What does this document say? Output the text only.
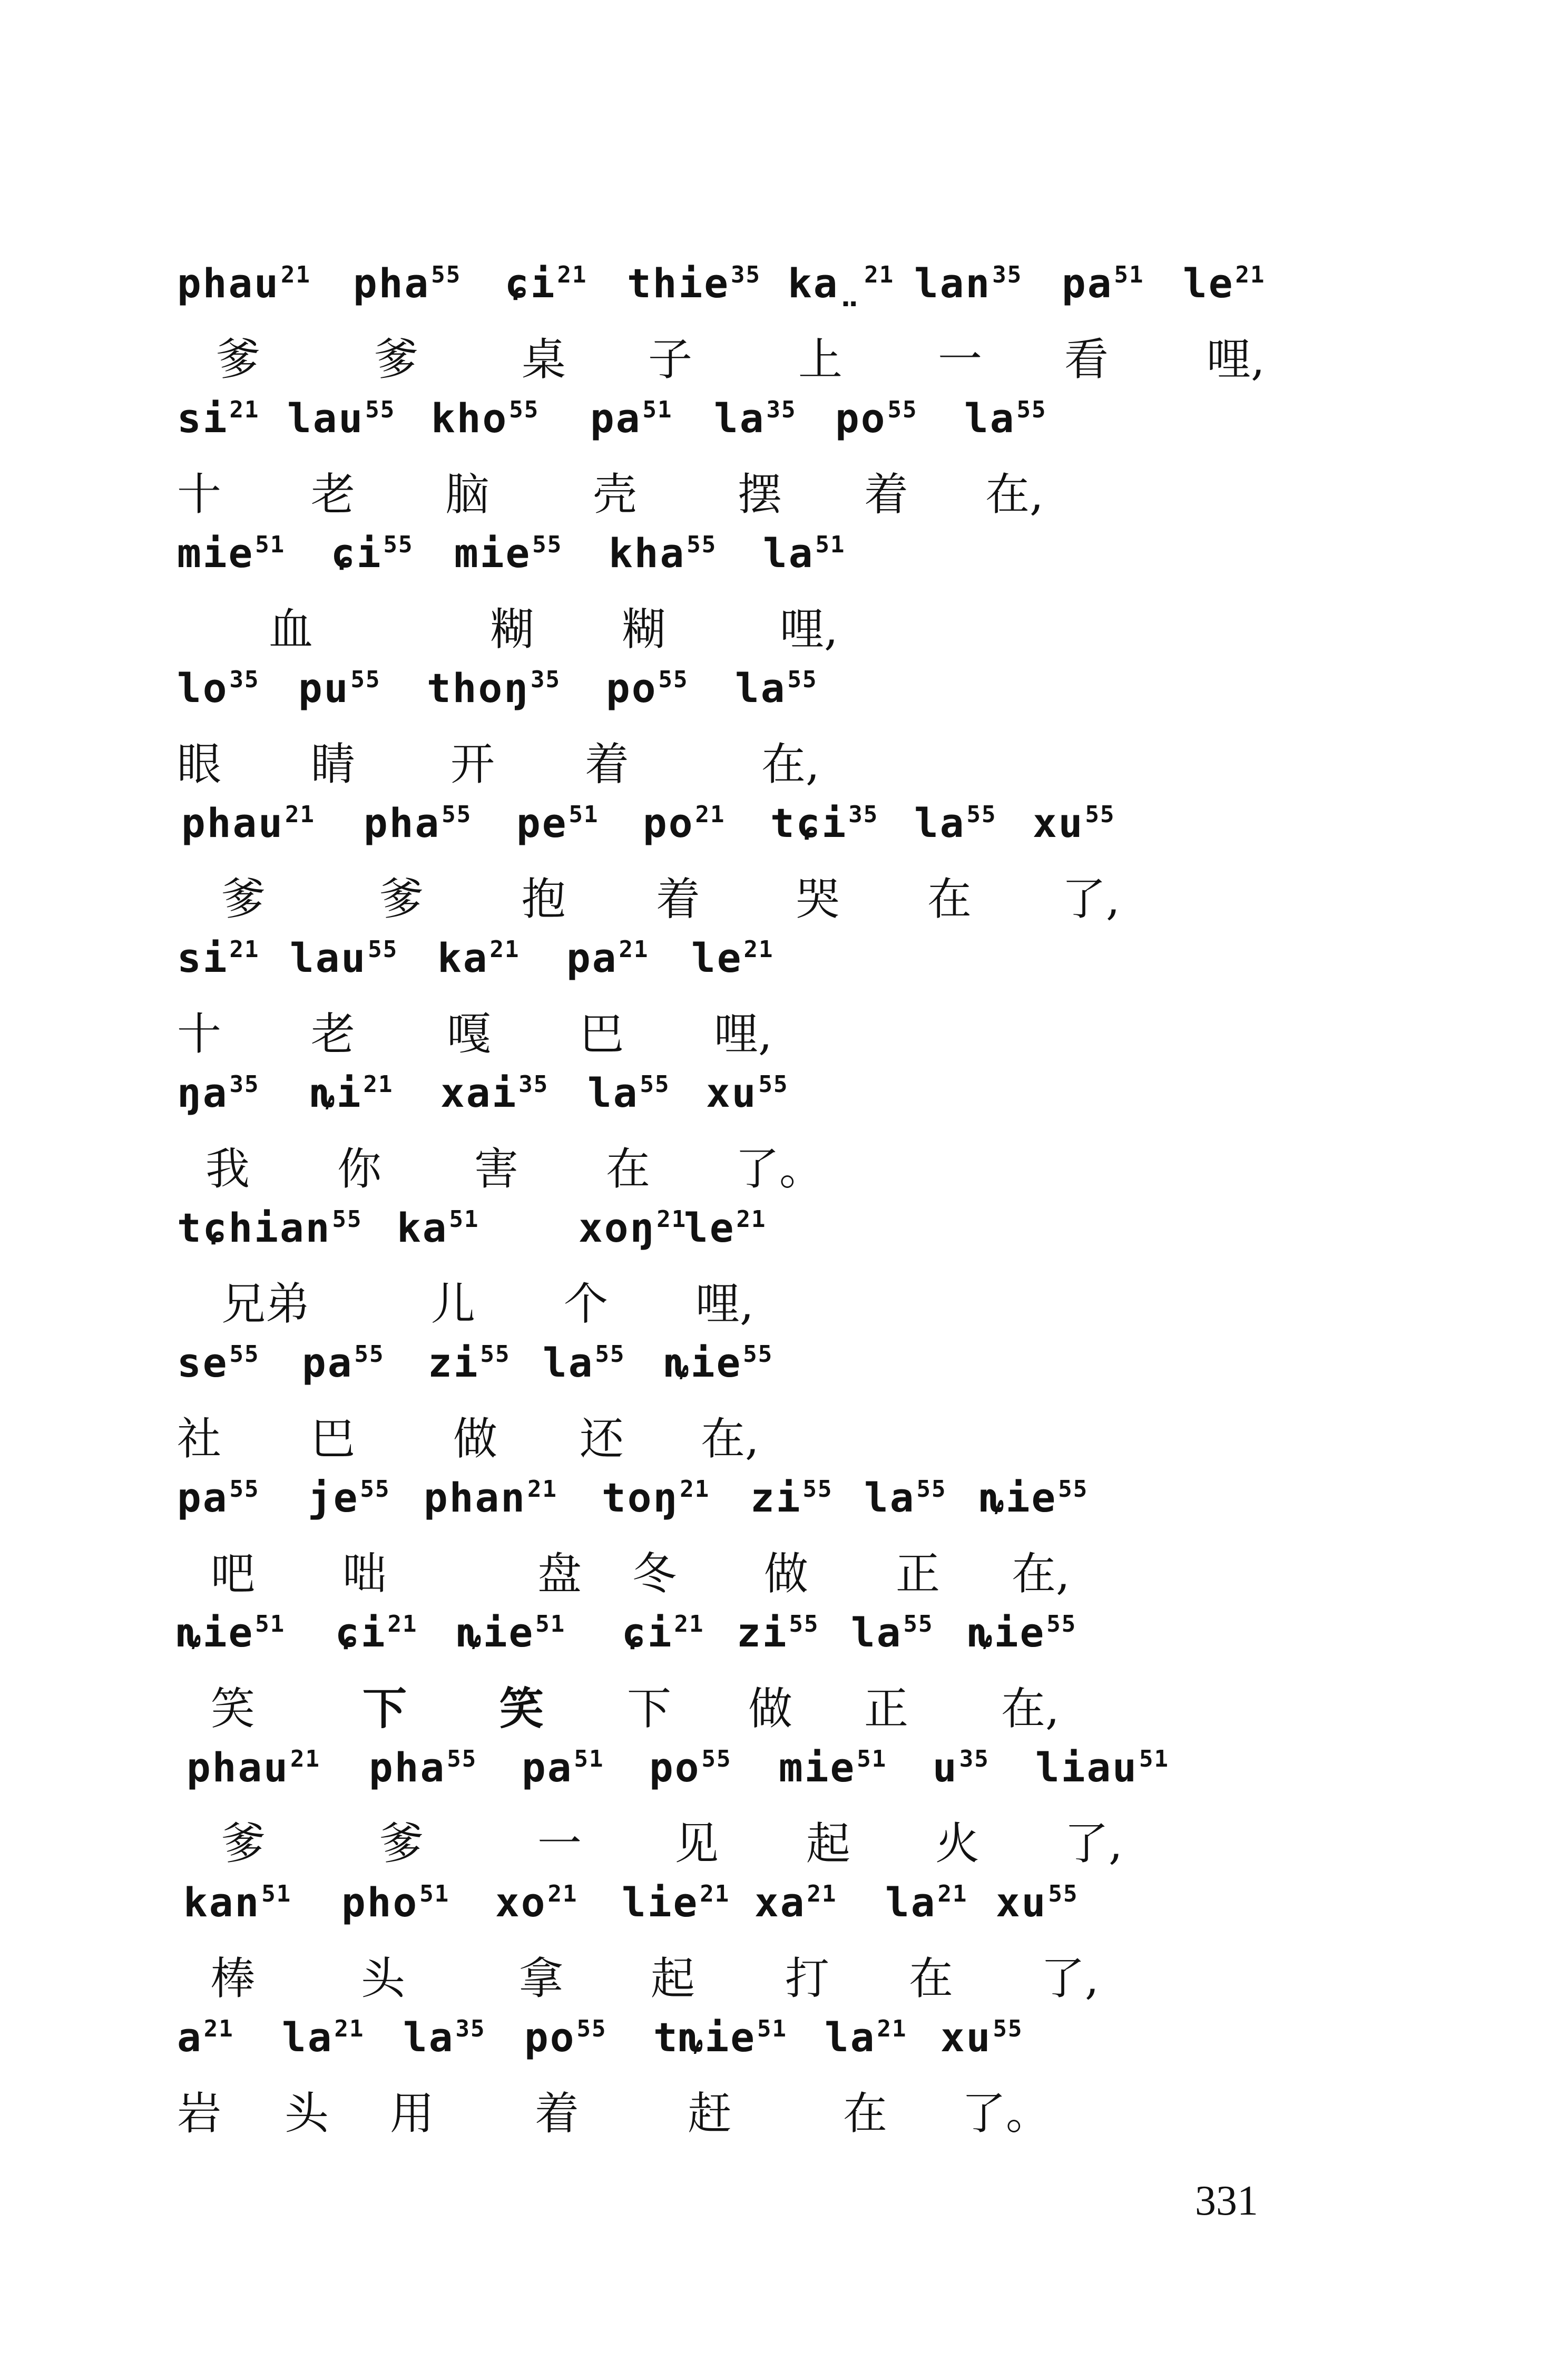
phau$^{21}$ pha$^{55}$ ɕi$^{21}$ thie$^{35}$ ka̤$^{21}$ lan$^{35}$ $pa^{51}$ $le^{21}$
爹	爹 桌 子 上 一 看 哩,
$si^{21}$ lau$^{55}$ kho$^{55}$ $pa^{51}$ $la^{35}$ $po^{55}$ $la^{55}$
十 老 脑 壳 摆 着 在,
mie$^{51}$ ɕi$^{55}$ mie$^{55}$ kha$^{55}$ $la^{51}$
血	糊 糊	哩,
$lo^{35}$ $pu^{55}$ thoŋ$^{35}$ $po^{55}$ $la^{55}$
眼 睛 开 着	在,
phau$^{21}$ pha$^{55}$ $pe^{51}$ $po^{21}$ tɕi$^{35}$ $la^{55}$ $xu^{55}$
爹	爹 抱 着 哭 在 了,
$si^{21}$ lau$^{55}$ $ka^{21}$ $pa^{21}$ $le^{21}$
十 老 嘎 巴 哩,
$ŋa^{35}$ $ȵi^{21}$ xai$^{35}$ $la^{55}$ $xu^{55}$
我 你 害 在 了。
tɕhian$^{55}$ $ka^{51}$ xoŋ$^{21}$
$le^{21}$
兄弟	儿 个 哩,
$se^{55}$ $pa^{55}$ $zi^{55}$ $la^{55}$ ȵie$^{55}$
社 巴 做 还 在,
$pa^{55}$ $je^{55}$ phan$^{21}$ toŋ$^{21}$ $zi^{55}$ $la^{55}$ ȵie$^{55}$
吧 咄	盘 冬 做 正 在,
ȵie$^{51}$ ɕi$^{21}$ ȵie$^{51}$ ɕi$^{21}$ $zi^{55}$ $la^{55}$ ȵie$^{55}$
笑 下 笑 下 做 正 在,
phau$^{21}$ pha$^{55}$ $pa^{51}$ $po^{55}$ mie$^{51}$ $u^{35}$ liau$^{51}$
爹	爹	一 见 起 火 了,
kan$^{51}$ pho$^{51}$ $xo^{21}$ lie$^{21}$ $xa^{21}$ $la^{21}$ $xu^{55}$
棒 头	拿 起 打 在 了,
$a^{21}$ $la^{21}$ $la^{35}$ $po^{55}$ tȵie$^{51}$ $la^{21}$ $xu^{55}$
岩 头 用 着 赶	在 了。
331
